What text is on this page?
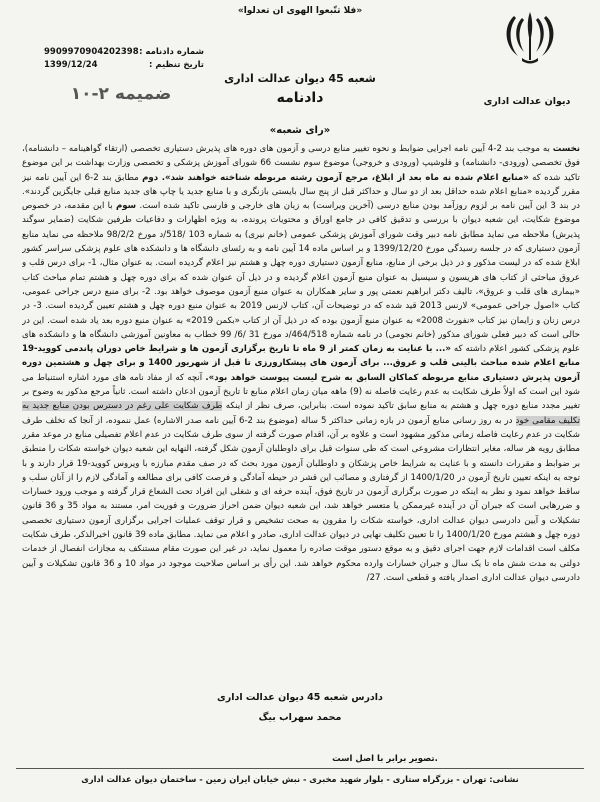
دیوان عدالت اداری
«فلا تتّبعوا الهوی ان تعدلوا»
شعبه 45 دیوان عدالت اداری
دادنامه
شماره دادنامه :
9909970904202398
تاریخ تنظیم :
1399/12/24
ضمیمه ۲-۱۰
«رای شعبه»
نخست به موجب بند 2-4 آیین نامه اجرایی ضوابط و نحوه تغییر منابع درسی و آزمون های دوره های پذیرش دستیاری تخصصی (ارتقاء گواهینامه – دانشنامه)، فوق تخصصی (ورودی- دانشنامه) و فلوشیپ (ورودی و خروجی) موضوع سوم نشست 66 شورای آموزش پزشکی و تخصصی وزارت بهداشت بر این موضوع تاکید شده که «منابع اعلام شده نه ماه بعد از ابلاغ، مرجع آزمون رشته مربوطه شناخته خواهند شد». دوم مطابق بند 2-6 این آیین نامه نیز مقرر گردیده «منابع اعلام شده حداقل بعد از دو سال و حداکثر قبل از پنج سال بایستی بازنگری و با منابع جدید یا چاپ های جدید منابع قبلی جایگزین گردند». در بند 3 این آیین نامه بر لزوم روزآمد بودن منابع درسی (آخرین ویراست) به زبان های خارجی و فارسی تاکید شده است. سوم با این مقدمه، در خصوص موضوع شکایت، این شعبه دیوان با بررسی و تدقیق کافی در جامع اوراق و محتویات پرونده، به ویژه اظهارات و دفاعیات طرفین شکایت (ضمایر سوگند پذیرش) ملاحظه می نماید مطابق نامه دبیر وقت شورای آموزش پزشکی عمومی (خانم نیری) به شماره 103 /518/د مورخ 98/2/2 ملاحظه می نماید منابع آزمون دستیاری که در جلسه رسیدگی مورخ 1399/12/20 و بر اساس ماده 14 آیین نامه و به رئسای دانشگاه ها و دانشکده های علوم پزشکی سراسر کشور ابلاغ شده که در لیست مذکور و در ذیل برخی از منابع، منابع آزمون دستیاری دوره چهل و هشتم نیز اعلام گردیده است. به عنوان مثال، 1- برای درس قلب و عروق مباحثی از کتاب های هریسون و سیسیل به عنوان منبع آزمون اعلام گردیده و در ذیل آن عنوان شده که برای دوره چهل و هشتم تمام مباحث کتاب «بیماری های قلب و عروق»، تالیف دکتر ابراهیم نعمتی پور و سایر همکاران به عنوان منبع آزمون موصوف خواهد بود. 2- برای منبع درس جراحی عمومی، کتاب «اصول جراحی عمومی» لارنس 2013 قید شده که در توضیحات آن، کتاب لارنس 2019 به عنوان منبع دوره چهل و هشتم تعیین گردیده است. 3- در درس زنان و زایمان نیز کتاب «نفورث 2008» به عنوان منبع آزمون بوده که در ذیل آن از کتاب «بکمن 2019» به عنوان منبع دوره بعد یاد شده است. این در حالی است که دبیر فعلی شورای مذکور (خانم نجومی) در نامه شماره 464/518/د مورخ 31 /6/ 99 خطاب به معاونین آموزشی دانشگاه ها و دانشکده های علوم پزشکی کشور اعلام داشته که «... با عنایت به زمان کمتر از 9 ماه تا تاریخ برگزاری آزمون ها و شرایط خاص دوران پاندمی کووید-19 منابع اعلام شده مباحث بالینی قلب و عروق... برای آزمون های پیشکارورزی تا قبل از شهریور 1400 و برای چهل و هشتمین دوره آزمون پذیرش دستیاری منابع مربوطه کماکان السابق به شرح لیست پیوست خواهد بود». آنچه که از مفاد نامه های مورد اشاره استنباط می شود این است که اولاً طرف شکایت به عدم رعایت فاصله نه (9) ماهه میان زمان اعلام منابع تا تاریخ آزمون اذعان داشته است. ثانیاً مرجع مذکور به وضوح بر تغییر مجدد منابع دوره چهل و هشتم به منابع سابق تاکید نموده است. بنابراین، صرف نظر از اینکه طرف شکایت علی رغم در دسترس بودن منابع جدید به تکلیف مقامی خود در به روز رسانی منابع آزمون در بازه زمانی حداکثر 5 ساله (موضوع بند 2-6 آیین نامه صدر الاشاره) عمل ننموده، از آنجا که تخلف طرف شکایت در عدم رعایت فاصله زمانی مذکور مشهود است و علاوه بر آن، اقدام صورت گرفته از سوی طرف شکایت در عدم اعلام تفصیلی منابع در موعد مقرر مطابق رویه هر ساله، مغایر انتظارات مشروعی است که طی سنوات قبل برای داوطلبان آزمون شکل گرفته، النهایه این شعبه دیوان خواسته شکات را منطبق بر ضوابط و مقررات دانسته و با عنایت به شرایط خاص پزشکان و داوطلبان آزمون مورد بحث که در صف مقدم مبارزه با ویروس کووید-19 قرار دارند و با توجه به اینکه تعیین تاریخ آزمون در 1400/1/20 از گرفتاری و مصائب این قشر در حیطه آمادگی و فرصت کافی برای مطالعه و آمادگی لازم را از آنان سلب و ساقط خواهد نمود و نظر به اینکه در صورت برگزاری آزمون در تاریخ فوق، آینده حرفه ای و شغلی این افراد تحت الشعاع قرار گرفته و موجب ورود خسارات و ضررهایی است که جبران آن در آینده غیرممکن یا متعسر خواهد شد، این شعبه دیوان ضمن احراز ضرورت و فوریت امر، مستند به مواد 35 و 36 قانون تشکیلات و آیین دادرسی دیوان عدالت اداری، خواسته شکات را مقرون به صحت تشخیص و قرار توقف عملیات اجرایی برگزاری آزمون دستیاری تخصصی دوره چهل و هشتم مورخ 1400/1/20 را تا تعیین تکلیف نهایی در دیوان عدالت اداری، صادر و اعلام می نماید. مطابق ماده 39 قانون اخیرالذکر، طرف شکایت مکلف است اقدامات لازم جهت اجرای دقیق و به موقع دستور موقت صادره را معمول نماید، در غیر این صورت مقام مستنکف به مجازات انفصال از خدمات دولتی به مدت شش ماه تا یک سال و جبران خسارات وارده محکوم خواهد شد. این رأی بر اساس صلاحیت موجود در مواد 10 و 36 قانون تشکیلات و آیین دادرسی دیوان عدالت اداری اصدار یافته و قطعی است. 27/
دادرس شعبه 45 دیوان عدالت اداری
محمد سهراب بیگ
تصویر برابر با اصل است.
نشانی: تهران - بزرگراه ستاری - بلوار شهید مخبری - نبش خیابان ایران زمین - ساختمان دیوان عدالت اداری
